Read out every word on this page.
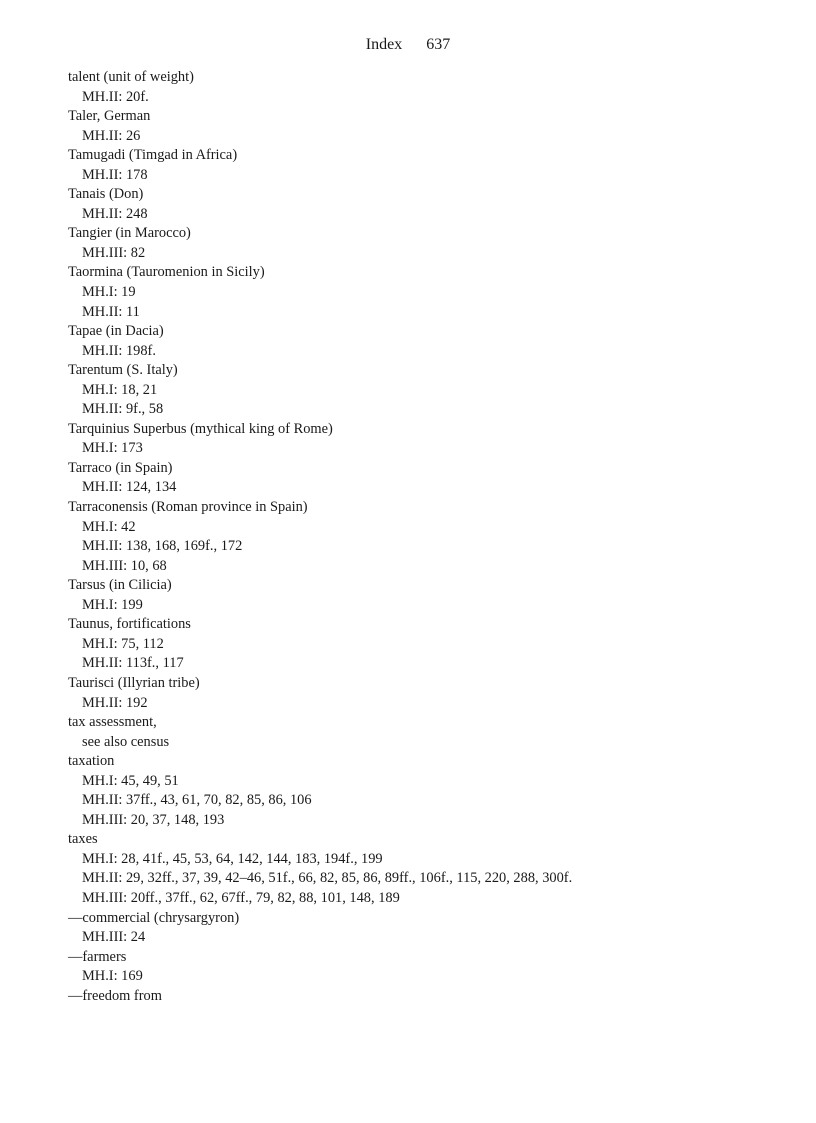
Index 637
talent (unit of weight)
MH.II: 20f.
Taler, German
MH.II: 26
Tamugadi (Timgad in Africa)
MH.II: 178
Tanais (Don)
MH.II: 248
Tangier (in Marocco)
MH.III: 82
Taormina (Tauromenion in Sicily)
MH.I: 19
MH.II: 11
Tapae (in Dacia)
MH.II: 198f.
Tarentum (S. Italy)
MH.I: 18, 21
MH.II: 9f., 58
Tarquinius Superbus (mythical king of Rome)
MH.I: 173
Tarraco (in Spain)
MH.II: 124, 134
Tarraconensis (Roman province in Spain)
MH.I: 42
MH.II: 138, 168, 169f., 172
MH.III: 10, 68
Tarsus (in Cilicia)
MH.I: 199
Taunus, fortifications
MH.I: 75, 112
MH.II: 113f., 117
Taurisci (Illyrian tribe)
MH.II: 192
tax assessment,
see also census
taxation
MH.I: 45, 49, 51
MH.II: 37ff., 43, 61, 70, 82, 85, 86, 106
MH.III: 20, 37, 148, 193
taxes
MH.I: 28, 41f., 45, 53, 64, 142, 144, 183, 194f., 199
MH.II: 29, 32ff., 37, 39, 42–46, 51f., 66, 82, 85, 86, 89ff., 106f., 115, 220, 288, 300f.
MH.III: 20ff., 37ff., 62, 67ff., 79, 82, 88, 101, 148, 189
—commercial (chrysargyron)
MH.III: 24
—farmers
MH.I: 169
—freedom from
